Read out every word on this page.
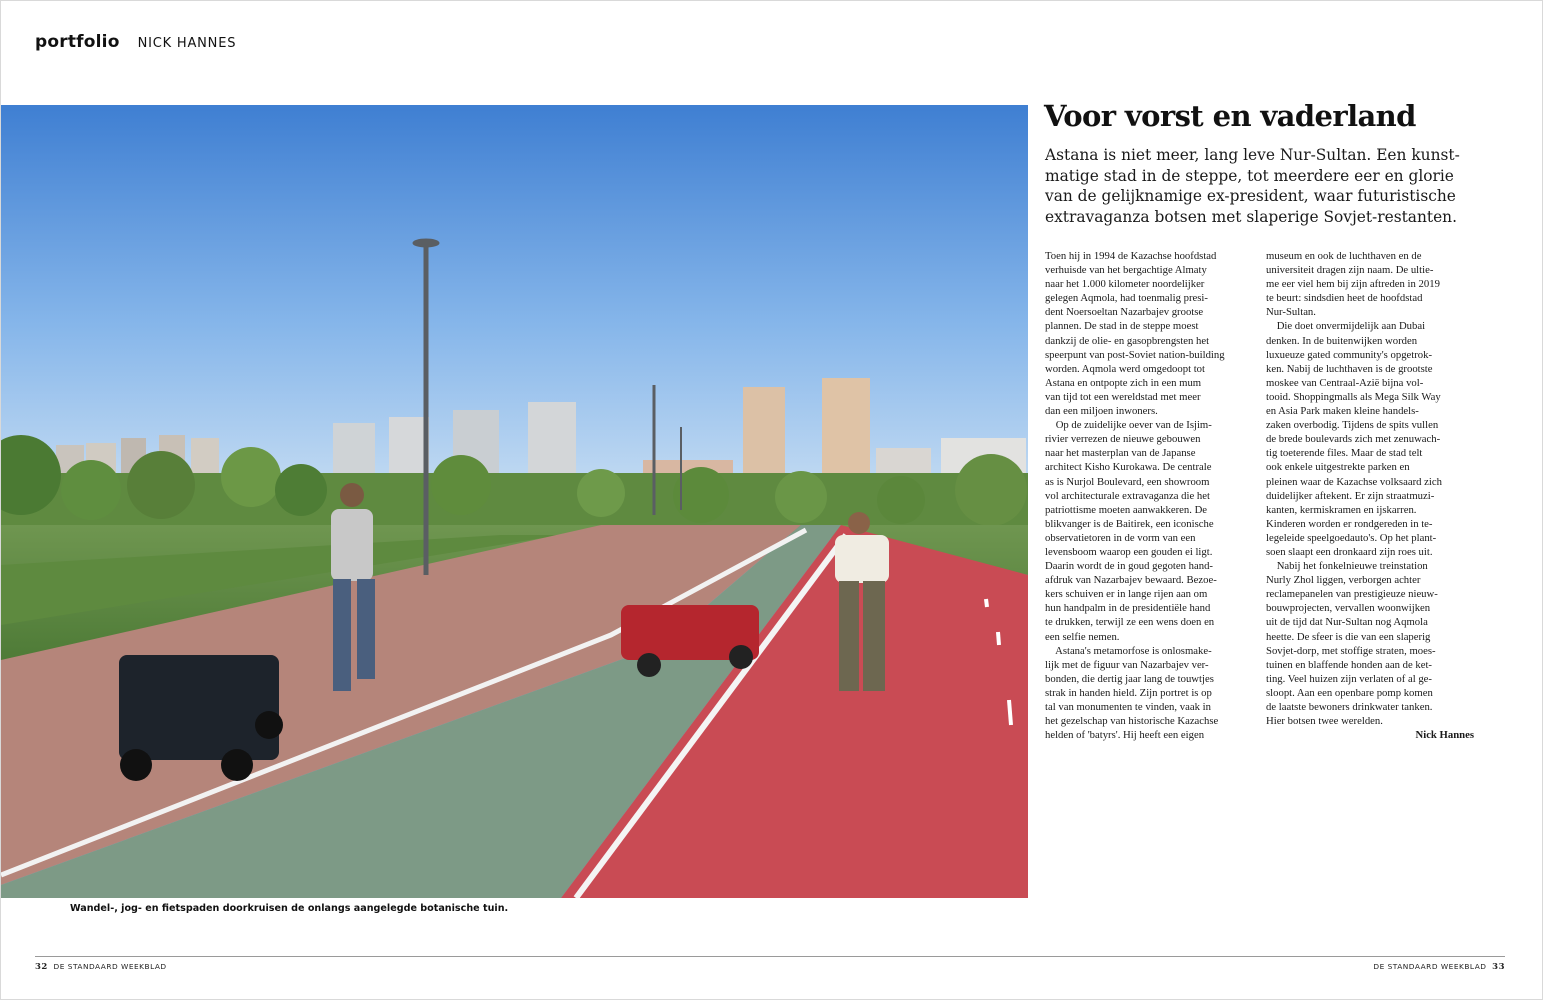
portfolio NICK HANNES
Wandel-, jog- en fietspaden doorkruisen de onlangs aangelegde botanische tuin.
Voor vorst en vaderland
Astana is niet meer, lang leve Nur-Sultan. Een kunst-
matige stad in de steppe, tot meerdere eer en glorie
van de gelijknamige ex-president, waar futuristische
extravaganza botsen met slaperige Sovjet-restanten.
Toen hij in 1994 de Kazachse hoofdstad
verhuisde van het bergachtige Almaty
naar het 1.000 kilometer noordelijker
gelegen Aqmola, had toenmalig presi-
dent Noersoeltan Nazarbajev grootse
plannen. De stad in de steppe moest
dankzij de olie- en gasopbrengsten het
speerpunt van post-Soviet nation-building
worden. Aqmola werd omgedoopt tot
Astana en ontpopte zich in een mum
van tijd tot een wereldstad met meer
dan een miljoen inwoners.
Op de zuidelijke oever van de Isjim-
rivier verrezen de nieuwe gebouwen
naar het masterplan van de Japanse
architect Kisho Kurokawa. De centrale
as is Nurjol Boulevard, een showroom
vol architecturale extravaganza die het
patriottisme moeten aanwakkeren. De
blikvanger is de Baitirek, een iconische
observatietoren in de vorm van een
levensboom waarop een gouden ei ligt.
Daarin wordt de in goud gegoten hand-
afdruk van Nazarbajev bewaard. Bezoe-
kers schuiven er in lange rijen aan om
hun handpalm in de presidentiële hand
te drukken, terwijl ze een wens doen en
een selfie nemen.
Astana's metamorfose is onlosmake-
lijk met de figuur van Nazarbajev ver-
bonden, die dertig jaar lang de touwtjes
strak in handen hield. Zijn portret is op
tal van monumenten te vinden, vaak in
het gezelschap van historische Kazachse
helden of 'batyrs'. Hij heeft een eigen
museum en ook de luchthaven en de
universiteit dragen zijn naam. De ultie-
me eer viel hem bij zijn aftreden in 2019
te beurt: sindsdien heet de hoofdstad
Nur-Sultan.
Die doet onvermijdelijk aan Dubai
denken. In de buitenwijken worden
luxueuze gated community's opgetrok-
ken. Nabij de luchthaven is de grootste
moskee van Centraal-Azië bijna vol-
tooid. Shoppingmalls als Mega Silk Way
en Asia Park maken kleine handels-
zaken overbodig. Tijdens de spits vullen
de brede boulevards zich met zenuwach-
tig toeterende files. Maar de stad telt
ook enkele uitgestrekte parken en
pleinen waar de Kazachse volksaard zich
duidelijker aftekent. Er zijn straatmuzi-
kanten, kermiskramen en ijskarren.
Kinderen worden er rondgereden in te-
legeleide speelgoedauto's. Op het plant-
soen slaapt een dronkaard zijn roes uit.
Nabij het fonkelnieuwe treinstation
Nurly Zhol liggen, verborgen achter
reclamepanelen van prestigieuze nieuw-
bouwprojecten, vervallen woonwijken
uit de tijd dat Nur-Sultan nog Aqmola
heette. De sfeer is die van een slaperig
Sovjet-dorp, met stoffige straten, moes-
tuinen en blaffende honden aan de ket-
ting. Veel huizen zijn verlaten of al ge-
sloopt. Aan een openbare pomp komen
de laatste bewoners drinkwater tanken.
Hier botsen twee werelden.
Nick Hannes
32 DE STANDAARD WEEKBLAD	DE STANDAARD WEEKBLAD 33
